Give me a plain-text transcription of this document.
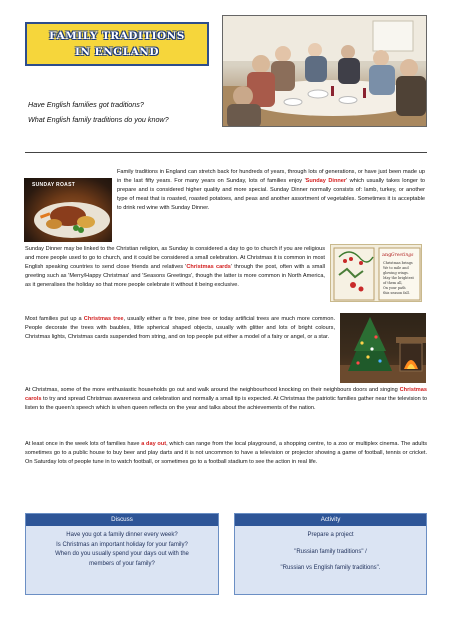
FAMILY TRADITIONS
IN ENGLAND
Have English families got traditions?
What English family traditions do you know?
SUNDAY ROAST
Family traditions in England can stretch back for hundreds of years, through lots of generations, or have just been made up in the last fifty years. For many years on Sunday, lots of families enjoy 'Sunday Dinner' which usually takes longer to prepare and is considered higher quality and more special. Sunday Dinner normally consists of: lamb, turkey, or another type of meat that is roasted, roasted potatoes, and peas and another assortment of vegetables. Sometimes it is acceptable to drink red wine with Sunday Dinner.
ang Greetings
Christmas brings
We to mile and
glowing wings.
May the brightest
of them all,
On your path
this season fall.
Sunday Dinner may be linked to the Christian religion, as Sunday is considered a day to go to church if you are religious and more people used to go to church, and it could be considered a small celebration. At Christmas it is common in most English speaking countries to send close friends and relatives 'Christmas cards' through the post, often with a small greeting such as 'Merry/Happy Christmas' and 'Seasons Greetings', though the latter is more common in North America, as it generalises the holiday so that more people celebrate it without it being exclusive.
Most families put up a Christmas tree, usually either a fir tree, pine tree or today artificial trees are much more common. People decorate the trees with baubles, little spherical shaped objects, usually with glitter and lots of bright colours, Christmas lights, Christmas cards suspended from string, and on top people put either a model of a fairy or angel, or a star.
At Christmas, some of the more enthusiastic households go out and walk around the neighbourhood knocking on their neighbours doors and singing Christmas carols to try and spread Christmas awareness and celebration and normally a small tip is expected. At Christmas the patriotic families gather near the television to listen to the queen's speech which is when queen reflects on the year and talks about the achievements of the nation.
At least once in the week lots of families have a day out, which can range from the local playground, a shopping centre, to a zoo or multiplex cinema. The adults sometimes go to a public house to buy beer and play darts and it is not uncommon to have a television or projector showing a game of football, tennis or cricket. On Saturday lots of people tune in to watch football, or sometimes go to a football stadium to see the action in real life.
Discuss
Have you got a family dinner every week?
Is Christmas an important holiday for your family?
When do you usually spend your days out with the
members of your family?
Activity
Prepare a project
"Russian family traditions" /
"Russian vs English family traditions".
